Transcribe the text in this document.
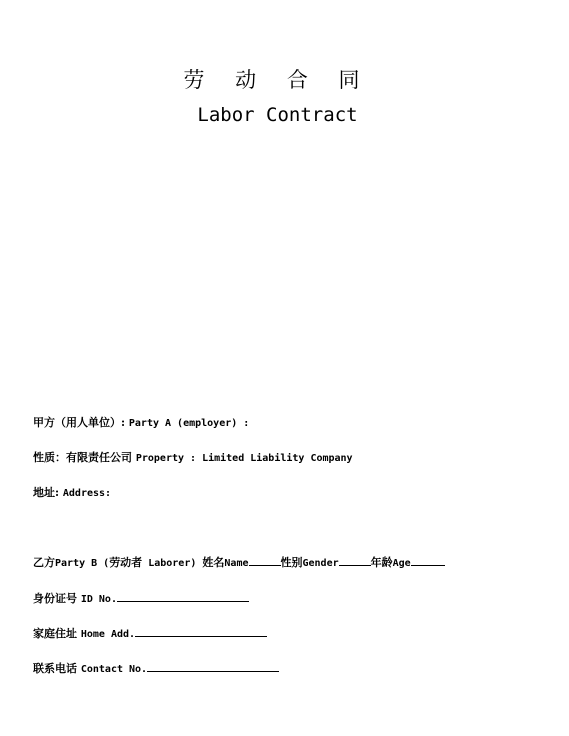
劳 动 合 同
Labor Contract
甲方（用人单位）: Party A (employer) :
性质：有限责任公司 Property : Limited Liability Company
地址: Address:
乙方Party B (劳动者 Laborer) 姓名Name	性别Gender	年龄Age
身份证号 ID No.
家庭住址 Home Add.
联系电话 Contact No.
